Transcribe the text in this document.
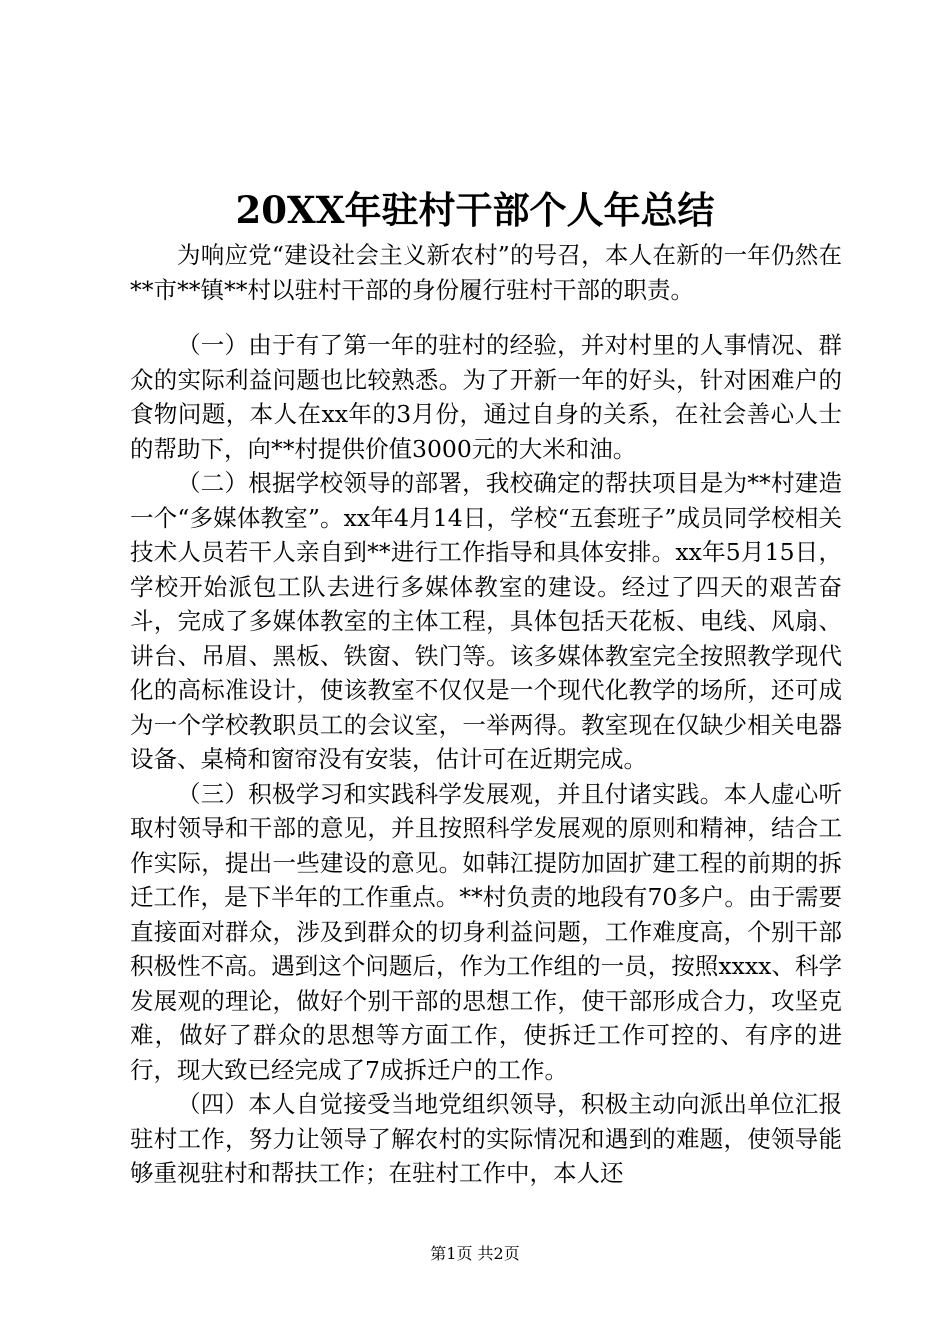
20XX年驻村干部个人年总结

为响应党“建设社会主义新农村”的号召，本人在新的一年仍然在**市**镇**村以驻村干部的身份履行驻村干部的职责。

（一）由于有了第一年的驻村的经验，并对村里的人事情况、群众的实际利益问题也比较熟悉。为了开新一年的好头，针对困难户的食物问题，本人在xx年的3月份，通过自身的关系，在社会善心人士的帮助下，向**村提供价值3000元的大米和油。

（二）根据学校领导的部署，我校确定的帮扶项目是为**村建造一个“多媒体教室”。xx年4月14日，学校“五套班子”成员同学校相关技术人员若干人亲自到**进行工作指导和具体安排。xx年5月15日，学校开始派包工队去进行多媒体教室的建设。经过了四天的艰苦奋斗，完成了多媒体教室的主体工程，具体包括天花板、电线、风扇、讲台、吊眉、黑板、铁窗、铁门等。该多媒体教室完全按照教学现代化的高标准设计，使该教室不仅仅是一个现代化教学的场所，还可成为一个学校教职员工的会议室，一举两得。教室现在仅缺少相关电器设备、桌椅和窗帘没有安装，估计可在近期完成。

（三）积极学习和实践科学发展观，并且付诸实践。本人虚心听取村领导和干部的意见，并且按照科学发展观的原则和精神，结合工作实际，提出一些建设的意见。如韩江提防加固扩建工程的前期的拆迁工作，是下半年的工作重点。**村负责的地段有70多户。由于需要直接面对群众，涉及到群众的切身利益问题，工作难度高，个别干部积极性不高。遇到这个问题后，作为工作组的一员，按照xxxx、科学发展观的理论，做好个别干部的思想工作，使干部形成合力，攻坚克难，做好了群众的思想等方面工作，使拆迁工作可控的、有序的进行，现大致已经完成了7成拆迁户的工作。

（四）本人自觉接受当地党组织领导，积极主动向派出单位汇报驻村工作，努力让领导了解农村的实际情况和遇到的难题，使领导能够重视驻村和帮扶工作；在驻村工作中，本人还

第1页 共2页
